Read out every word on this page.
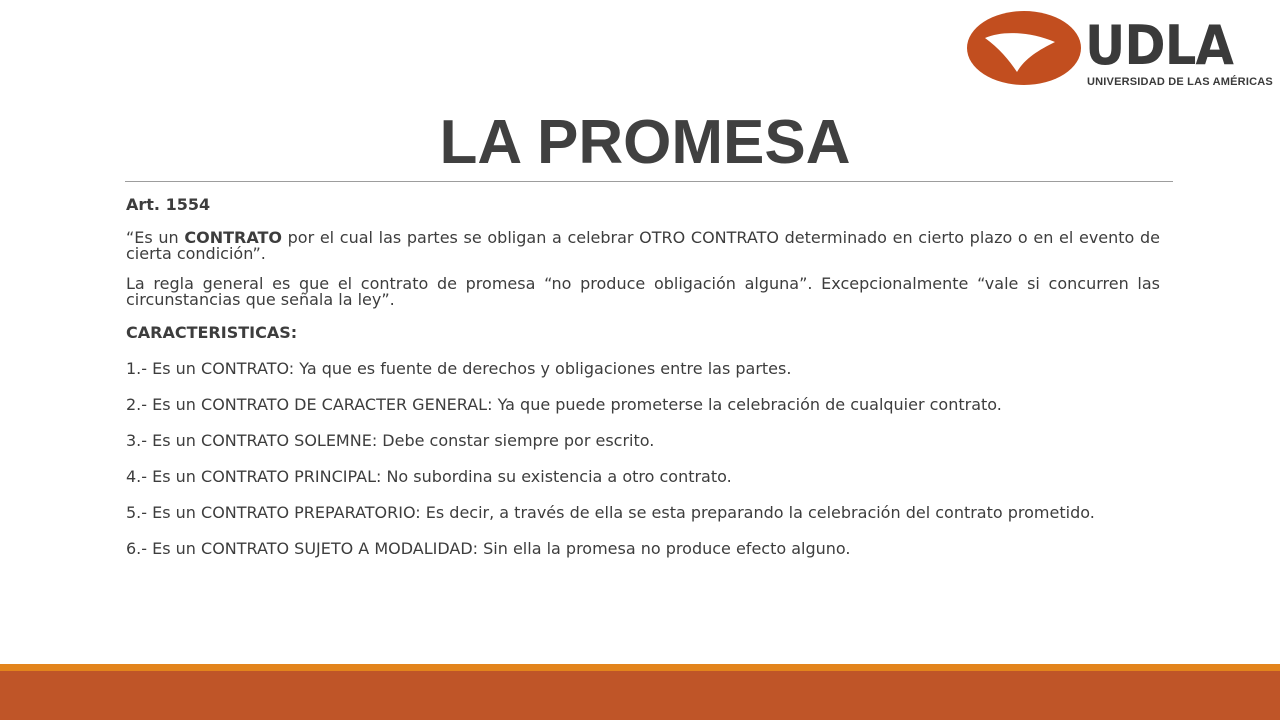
UDLA
UNIVERSIDAD DE LAS AMÉRICAS
LA PROMESA

Art. 1554

“Es un CONTRATO por el cual las partes se obligan a celebrar OTRO CONTRATO determinado en cierto plazo o en el evento de cierta condición”.

La regla general es que el contrato de promesa “no produce obligación alguna”. Excepcionalmente “vale si concurren las circunstancias que señala la ley”.

CARACTERISTICAS:

1.- Es un CONTRATO: Ya que es fuente de derechos y obligaciones entre las partes.

2.- Es un CONTRATO DE CARACTER GENERAL: Ya que puede prometerse la celebración de cualquier contrato.

3.- Es un CONTRATO SOLEMNE: Debe constar siempre por escrito.

4.- Es un CONTRATO PRINCIPAL: No subordina su existencia a otro contrato.

5.- Es un CONTRATO PREPARATORIO: Es decir, a través de ella se esta preparando la celebración del contrato prometido.

6.- Es un CONTRATO SUJETO A MODALIDAD: Sin ella la promesa no produce efecto alguno.
